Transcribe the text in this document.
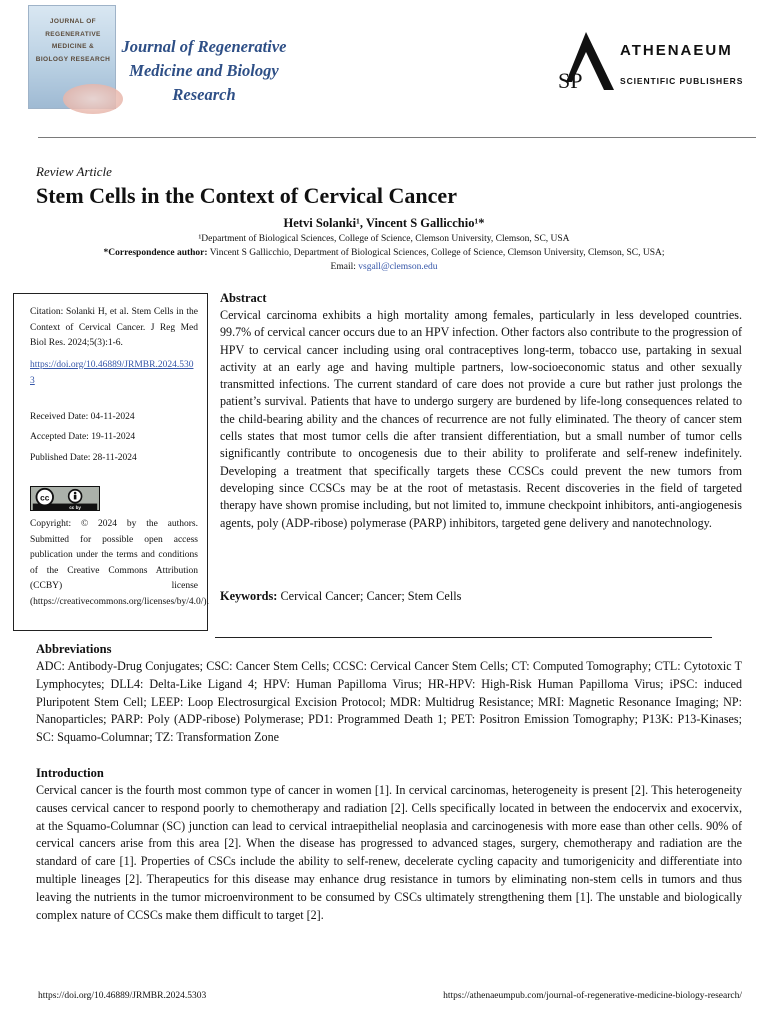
JOURNAL OF REGENERATIVE MEDICINE & BIOLOGY RESEARCH
Journal of Regenerative
Medicine and Biology
Research
SP
ATHENAEUM
SCIENTIFIC PUBLISHERS
Review Article
Stem Cells in the Context of Cervical Cancer
Hetvi Solanki¹, Vincent S Gallicchio¹*
¹Department of Biological Sciences, College of Science, Clemson University, Clemson, SC, USA
*Correspondence author: Vincent S Gallicchio, Department of Biological Sciences, College of Science, Clemson University, Clemson, SC, USA;
Email: vsgall@clemson.edu
Citation: Solanki H, et al. Stem Cells in the Context of Cervical Cancer. J Reg Med Biol Res. 2024;5(3):1-6.
https://doi.org/10.46889/JRMBR.2024.5303
Received Date: 04-11-2024
Accepted Date: 19-11-2024
Published Date: 28-11-2024
cc
cc by
Copyright: © 2024 by the authors. Submitted for possible open access publication under the terms and conditions of the Creative Commons Attribution (CCBY) license (https://creativecommons.org/licenses/by/4.0/).
Abstract
Cervical carcinoma exhibits a high mortality among females, particularly in less developed countries. 99.7% of cervical cancer occurs due to an HPV infection. Other factors also contribute to the progression of HPV to cervical cancer including using oral contraceptives long-term, tobacco use, partaking in sexual activity at an early age and having multiple partners, low-socioeconomic status and other sexually transmitted infections. The current standard of care does not provide a cure but rather just prolongs the patient’s survival. Patients that have to undergo surgery are burdened by life-long consequences related to the child-bearing ability and the chances of recurrence are not fully eliminated. The theory of cancer stem cells states that most tumor cells die after transient differentiation, but a small number of tumor cells significantly contribute to oncogenesis due to their ability to proliferate and self-renew indefinitely. Developing a treatment that specifically targets these CCSCs could prevent the new tumors from developing since CCSCs may be at the root of metastasis. Recent discoveries in the field of targeted therapy have shown promise including, but not limited to, immune checkpoint inhibitors, anti-angiogenesis agents, poly (ADP-ribose) polymerase (PARP) inhibitors, targeted gene delivery and nanotechnology.
Keywords: Cervical Cancer; Cancer; Stem Cells
Abbreviations
ADC: Antibody-Drug Conjugates; CSC: Cancer Stem Cells; CCSC: Cervical Cancer Stem Cells; CT: Computed Tomography; CTL: Cytotoxic T Lymphocytes; DLL4: Delta-Like Ligand 4; HPV: Human Papilloma Virus; HR-HPV: High-Risk Human Papilloma Virus; iPSC: induced Pluripotent Stem Cell; LEEP: Loop Electrosurgical Excision Protocol; MDR: Multidrug Resistance; MRI: Magnetic Resonance Imaging; NP: Nanoparticles; PARP: Poly (ADP-ribose) Polymerase; PD1: Programmed Death 1; PET: Positron Emission Tomography; P13K: P13-Kinases; SC: Squamo-Columnar; TZ: Transformation Zone
Introduction
Cervical cancer is the fourth most common type of cancer in women [1]. In cervical carcinomas, heterogeneity is present [2]. This heterogeneity causes cervical cancer to respond poorly to chemotherapy and radiation [2]. Cells specifically located in between the endocervix and exocervix, at the Squamo-Columnar (SC) junction can lead to cervical intraepithelial neoplasia and carcinogenesis with more ease than other cells. 90% of cervical cancers arise from this area [2]. When the disease has progressed to advanced stages, surgery, chemotherapy and radiation are the standard of care [1]. Properties of CSCs include the ability to self-renew, decelerate cycling capacity and tumorigenicity and differentiate into multiple lineages [2]. Therapeutics for this disease may enhance drug resistance in tumors by eliminating non-stem cells in tumors and thus leaving the nutrients in the tumor microenvironment to be consumed by CSCs ultimately strengthening them [1]. The unstable and biologically complex nature of CCSCs make them difficult to target [2].
https://doi.org/10.46889/JRMBR.2024.5303	https://athenaeumpub.com/journal-of-regenerative-medicine-biology-research/
